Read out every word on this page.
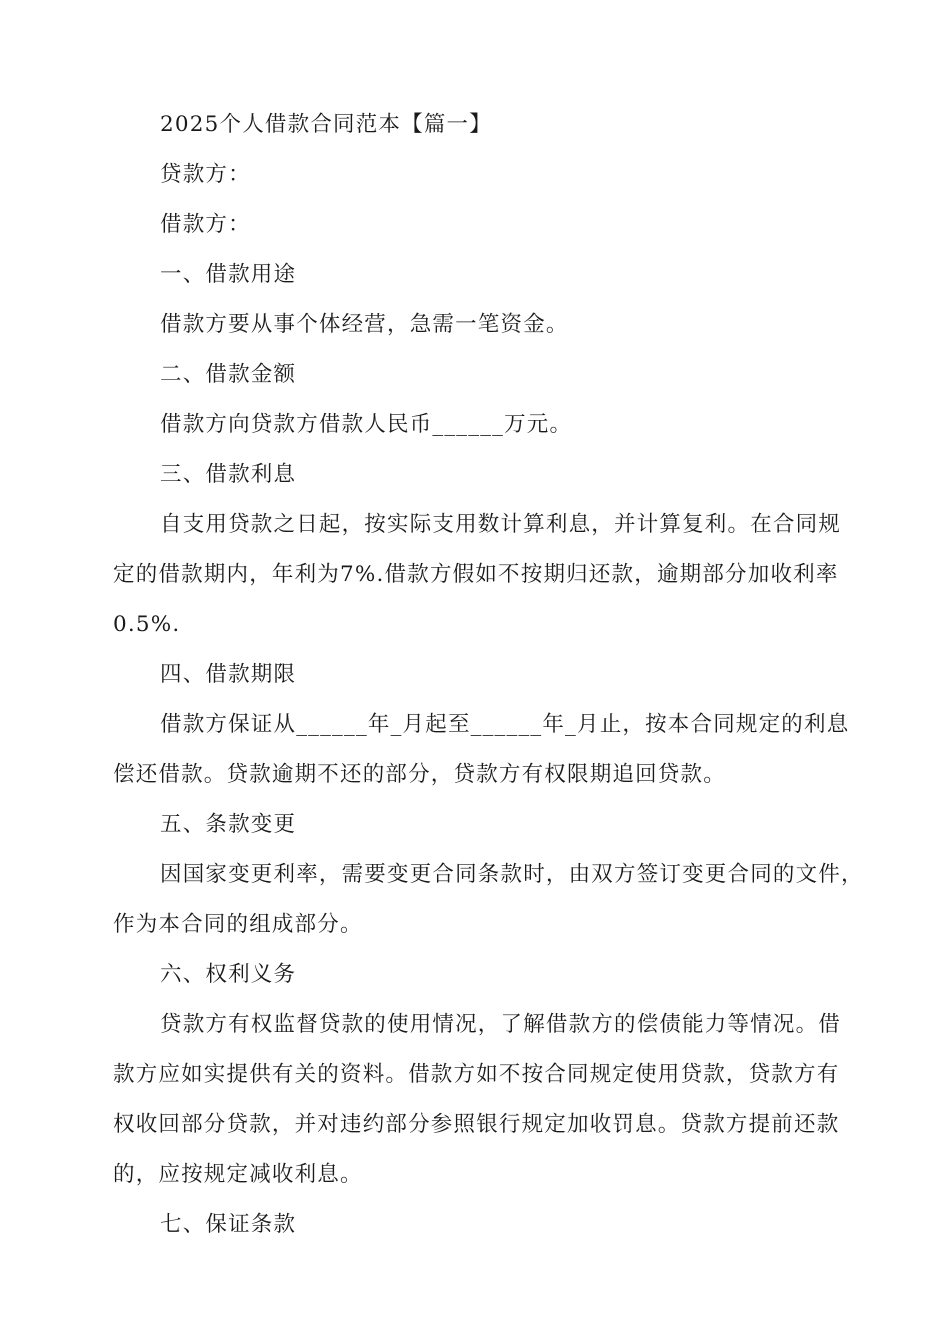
2025个人借款合同范本【篇一】

贷款方：

借款方：

一、借款用途

借款方要从事个体经营，急需一笔资金。

二、借款金额

借款方向贷款方借款人民币______万元。

三、借款利息

自支用贷款之日起，按实际支用数计算利息，并计算复利。在合同规
定的借款期内，年利为7%.借款方假如不按期归还款，逾期部分加收利率
0.5%.

四、借款期限

借款方保证从______年_月起至______年_月止，按本合同规定的利息
偿还借款。贷款逾期不还的部分，贷款方有权限期追回贷款。

五、条款变更

因国家变更利率，需要变更合同条款时，由双方签订变更合同的文件，
作为本合同的组成部分。

六、权利义务

贷款方有权监督贷款的使用情况，了解借款方的偿债能力等情况。借
款方应如实提供有关的资料。借款方如不按合同规定使用贷款，贷款方有
权收回部分贷款，并对违约部分参照银行规定加收罚息。贷款方提前还款
的，应按规定减收利息。

七、保证条款
